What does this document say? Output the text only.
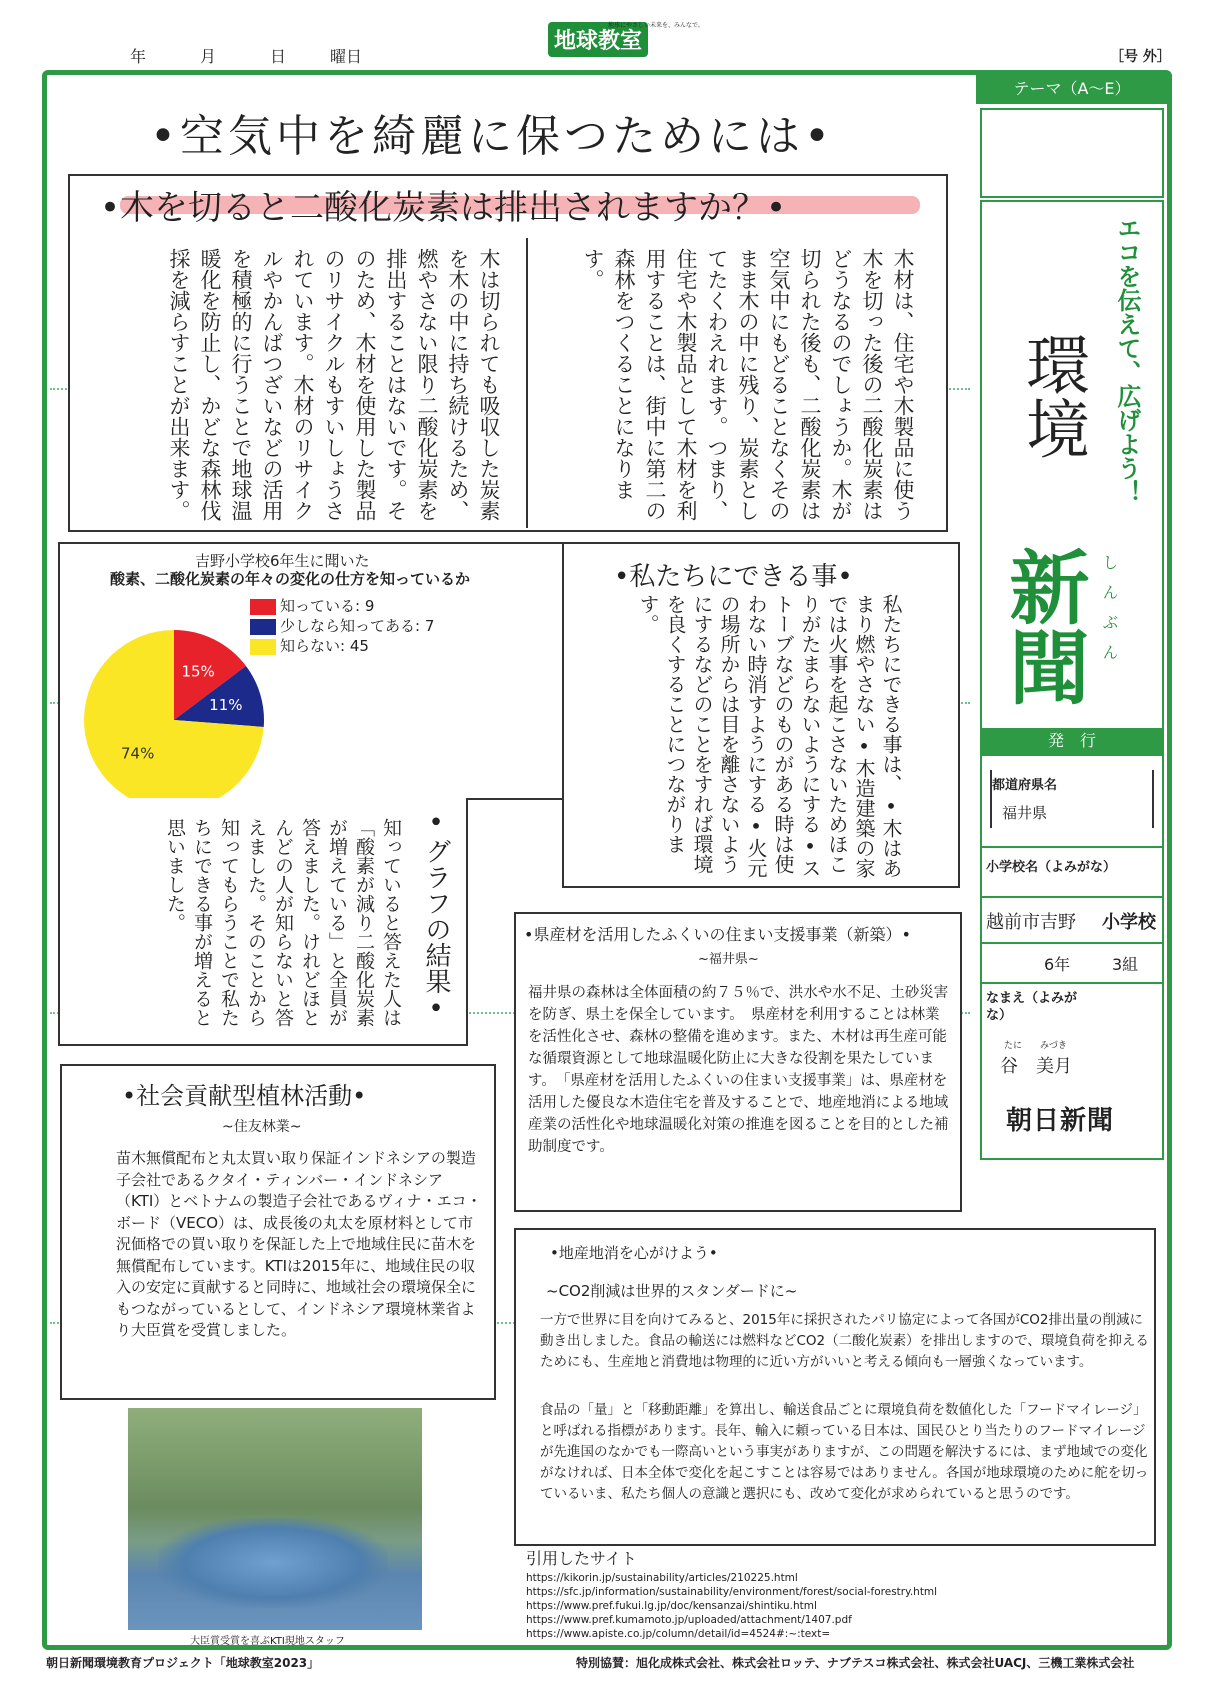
年	月	日	曜日
地球教室
地球にやさしい未来を、みんなで。
［号 外］
•空気中を綺麗に保つためには•
•木を切ると二酸化炭素は排出されますか？•
木材は、住宅や木製品に使う木を切った後の二酸化炭素はどうなるのでしょうか。木が切られた後も、二酸化炭素は空気中にもどることなくそのまま木の中に残り、炭素としてたくわえれます。つまり、住宅や木製品として木材を利用することは、街中に第二の森林をつくることになります。
木は切られても吸収した炭素を木の中に持ち続けるため、燃やさない限り二酸化炭素を排出することはないです。そのため、木材を使用した製品のリサイクルもすいしょうされています。木材のリサイクルやかんばつざいなどの活用を積極的に行うことで地球温暖化を防止し、かどな森林伐採を減らすことが出来ます。
吉野小学校6年生に聞いた
酸素、二酸化炭素の年々の変化の仕方を知っているか
15%
11%
74%
知っている: 9
少しなら知ってある: 7
知らない: 45
•グラフの結果•
知っていると答えた人は「酸素が減り二酸化炭素が増えている」と全員が答えました。けれどほとんどの人が知らないと答えました。そのことから知ってもらうことで私たちにできる事が増えると思いました。
•私たちにできる事•
私たちにできる事は、•木はあまり燃やさない•木造建築の家では火事を起こさないためほこりがたまらないようにする•ストーブなどのものがある時は使わない時消すようにする•火元の場所からは目を離さないようにするなどのことをすれば環境を良くすることにつながります。
•県産材を活用したふくいの住まい支援事業（新築）•
~福井県~
福井県の森林は全体面積の約７５％で、洪水や水不足、土砂災害を防ぎ、県土を保全しています。　県産材を利用することは林業を活性化させ、森林の整備を進めます。また、木材は再生産可能な循環資源として地球温暖化防止に大きな役割を果たしています。　「県産材を活用したふくいの住まい支援事業」は、県産材を活用した優良な木造住宅を普及することで、地産地消による地域産業の活性化や地球温暖化対策の推進を図ることを目的とした補助制度です。
•社会貢献型植林活動•
~住友林業~
苗木無償配布と丸太買い取り保証インドネシアの製造子会社であるクタイ・ティンバー・インドネシア（KTI）とベトナムの製造子会社であるヴィナ・エコ・ボード（VECO）は、成長後の丸太を原材料として市況価格での買い取りを保証した上で地域住民に苗木を無償配布しています。KTIは2015年に、地域住民の収入の安定に貢献すると同時に、地域社会の環境保全にもつながっているとして、インドネシア環境林業省より大臣賞を受賞しました。
大臣賞受賞を喜ぶKTI現地スタッフ
•地産地消を心がけよう•
~CO2削減は世界的スタンダードに~
一方で世界に目を向けてみると、2015年に採択されたパリ協定によって各国がCO2排出量の削減に動き出しました。食品の輸送には燃料などCO2（二酸化炭素）を排出しますので、環境負荷を抑えるためにも、生産地と消費地は物理的に近い方がいいと考える傾向も一層強くなっています。
食品の「量」と「移動距離」を算出し、輸送食品ごとに環境負荷を数値化した「フードマイレージ」と呼ばれる指標があります。長年、輸入に頼っている日本は、国民ひとり当たりのフードマイレージが先進国のなかでも一際高いという事実がありますが、この問題を解決するには、まず地域での変化がなければ、日本全体で変化を起こすことは容易ではありません。各国が地球環境のために舵を切っているいま、私たち個人の意識と選択にも、改めて変化が求められていると思うのです。
引用したサイト
https://kikorin.jp/sustainability/articles/210225.html
https://sfc.jp/information/sustainability/environment/forest/social-forestry.html
https://www.pref.fukui.lg.jp/doc/kensanzai/shintiku.html
https://www.pref.kumamoto.jp/uploaded/attachment/1407.pdf
https://www.apiste.co.jp/column/detail/id=4524#:~:text=
テーマ（A～E）
エコを伝えて、広げよう！
環境
新聞 しんぶん
発　行
都道府県名
福井県
小学校名（よみがな）
越前市吉野 小学校
6年	3組
なまえ（よみがな）
たに　　みづき
谷　美月
朝日新聞
朝日新聞環境教育プロジェクト「地球教室2023」	特別協賛：旭化成株式会社、株式会社ロッテ、ナブテスコ株式会社、株式会社UACJ、三機工業株式会社
